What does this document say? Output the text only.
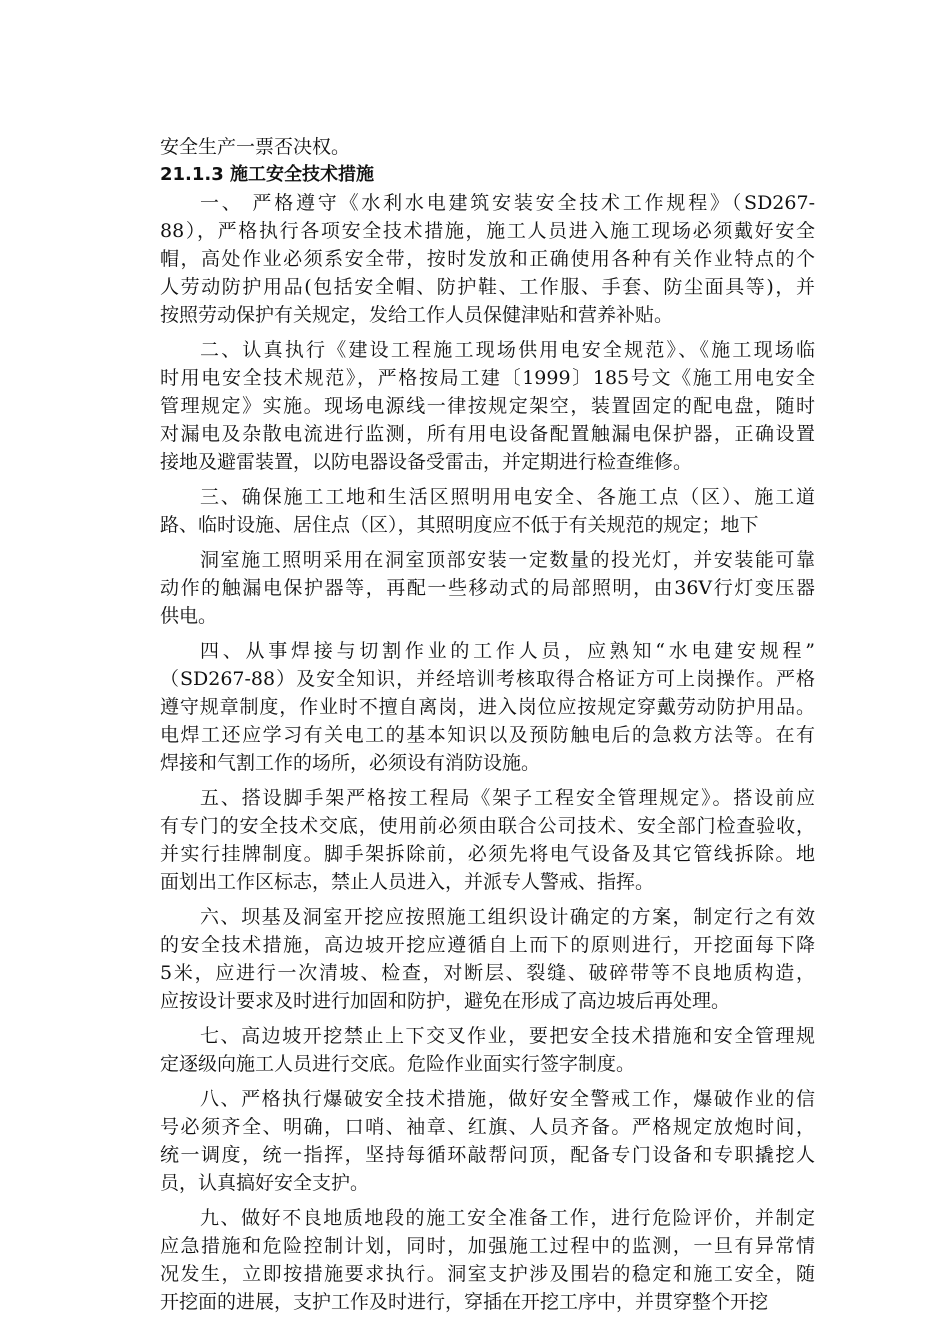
安全生产一票否决权。
21.1.3 施工安全技术措施
一、 严格遵守《水利水电建筑安装安全技术工作规程》（SD267-
88），严格执行各项安全技术措施，施工人员进入施工现场必须戴好安全
帽，高处作业必须系安全带，按时发放和正确使用各种有关作业特点的个
人劳动防护用品(包括安全帽、防护鞋、工作服、手套、防尘面具等)，并
按照劳动保护有关规定，发给工作人员保健津贴和营养补贴。
二、认真执行《建设工程施工现场供用电安全规范》、《施工现场临
时用电安全技术规范》，严格按局工建〔1999〕185号文《施工用电安全
管理规定》实施。现场电源线一律按规定架空，装置固定的配电盘，随时
对漏电及杂散电流进行监测，所有用电设备配置触漏电保护器，正确设置
接地及避雷装置，以防电器设备受雷击，并定期进行检查维修。
三、确保施工工地和生活区照明用电安全、各施工点（区）、施工道
路、临时设施、居住点（区），其照明度应不低于有关规范的规定；地下
洞室施工照明采用在洞室顶部安装一定数量的投光灯，并安装能可靠
动作的触漏电保护器等，再配一些移动式的局部照明，由36V行灯变压器
供电。
四、从事焊接与切割作业的工作人员，应熟知“水电建安规程”
（SD267-88）及安全知识，并经培训考核取得合格证方可上岗操作。严格
遵守规章制度，作业时不擅自离岗，进入岗位应按规定穿戴劳动防护用品。
电焊工还应学习有关电工的基本知识以及预防触电后的急救方法等。在有
焊接和气割工作的场所，必须设有消防设施。
五、搭设脚手架严格按工程局《架子工程安全管理规定》。搭设前应
有专门的安全技术交底，使用前必须由联合公司技术、安全部门检查验收，
并实行挂牌制度。脚手架拆除前，必须先将电气设备及其它管线拆除。地
面划出工作区标志，禁止人员进入，并派专人警戒、指挥。
六、坝基及洞室开挖应按照施工组织设计确定的方案，制定行之有效
的安全技术措施，高边坡开挖应遵循自上而下的原则进行，开挖面每下降
5米，应进行一次清坡、检查，对断层、裂缝、破碎带等不良地质构造，
应按设计要求及时进行加固和防护，避免在形成了高边坡后再处理。
七、高边坡开挖禁止上下交叉作业，要把安全技术措施和安全管理规
定逐级向施工人员进行交底。危险作业面实行签字制度。
八、严格执行爆破安全技术措施，做好安全警戒工作，爆破作业的信
号必须齐全、明确，口哨、袖章、红旗、人员齐备。严格规定放炮时间，
统一调度，统一指挥，坚持每循环敲帮问顶，配备专门设备和专职撬挖人
员，认真搞好安全支护。
九、做好不良地质地段的施工安全准备工作，进行危险评价，并制定
应急措施和危险控制计划，同时，加强施工过程中的监测，一旦有异常情
况发生，立即按措施要求执行。洞室支护涉及围岩的稳定和施工安全，随
开挖面的进展，支护工作及时进行，穿插在开挖工序中，并贯穿整个开挖
